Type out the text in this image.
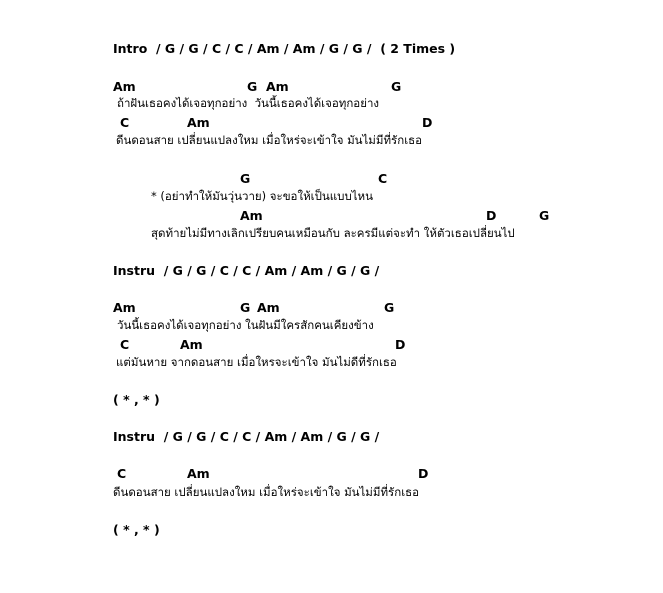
Intro  / G / G / C / C / Am / Am / G / G /  ( 2 Times )
Am	G Am	G
ถ้าฝันเธอคงได้เจอทุกอย่าง  วันนี้เธอคงได้เจอทุกอย่าง
C	Am	D
ดีนดอนสาย เปลี่ยนแปลงใหม เมื่อใหร่จะเข้าใจ มันไม่มีที่รักเธอ
G	C
* (อย่าทำให้มันวุ่นวาย) จะขอให้เป็นแบบไหน
Am	D	G
สุดท้ายไม่มีทางเลิกเปรียบคนเหมือนกับ ละครมีแต่จะทำ ให้ตัวเธอเปลี่ยนไป
Instru  / G / G / C / C / Am / Am / G / G /
Am	G Am	G
วันนี้เธอคงได้เจอทุกอย่าง ในฝันมีใครสักคนเคียงข้าง
C	Am	D
แต่มันหาย จากดอนสาย เมื่อใหรจะเข้าใจ มันไม่ดีที่รักเธอ
( * , * )
Instru  / G / G / C / C / Am / Am / G / G /
C	Am	D
ดีนดอนสาย เปลี่ยนแปลงใหม เมื่อใหร่จะเข้าใจ มันไม่มีที่รักเธอ
( * , * )
